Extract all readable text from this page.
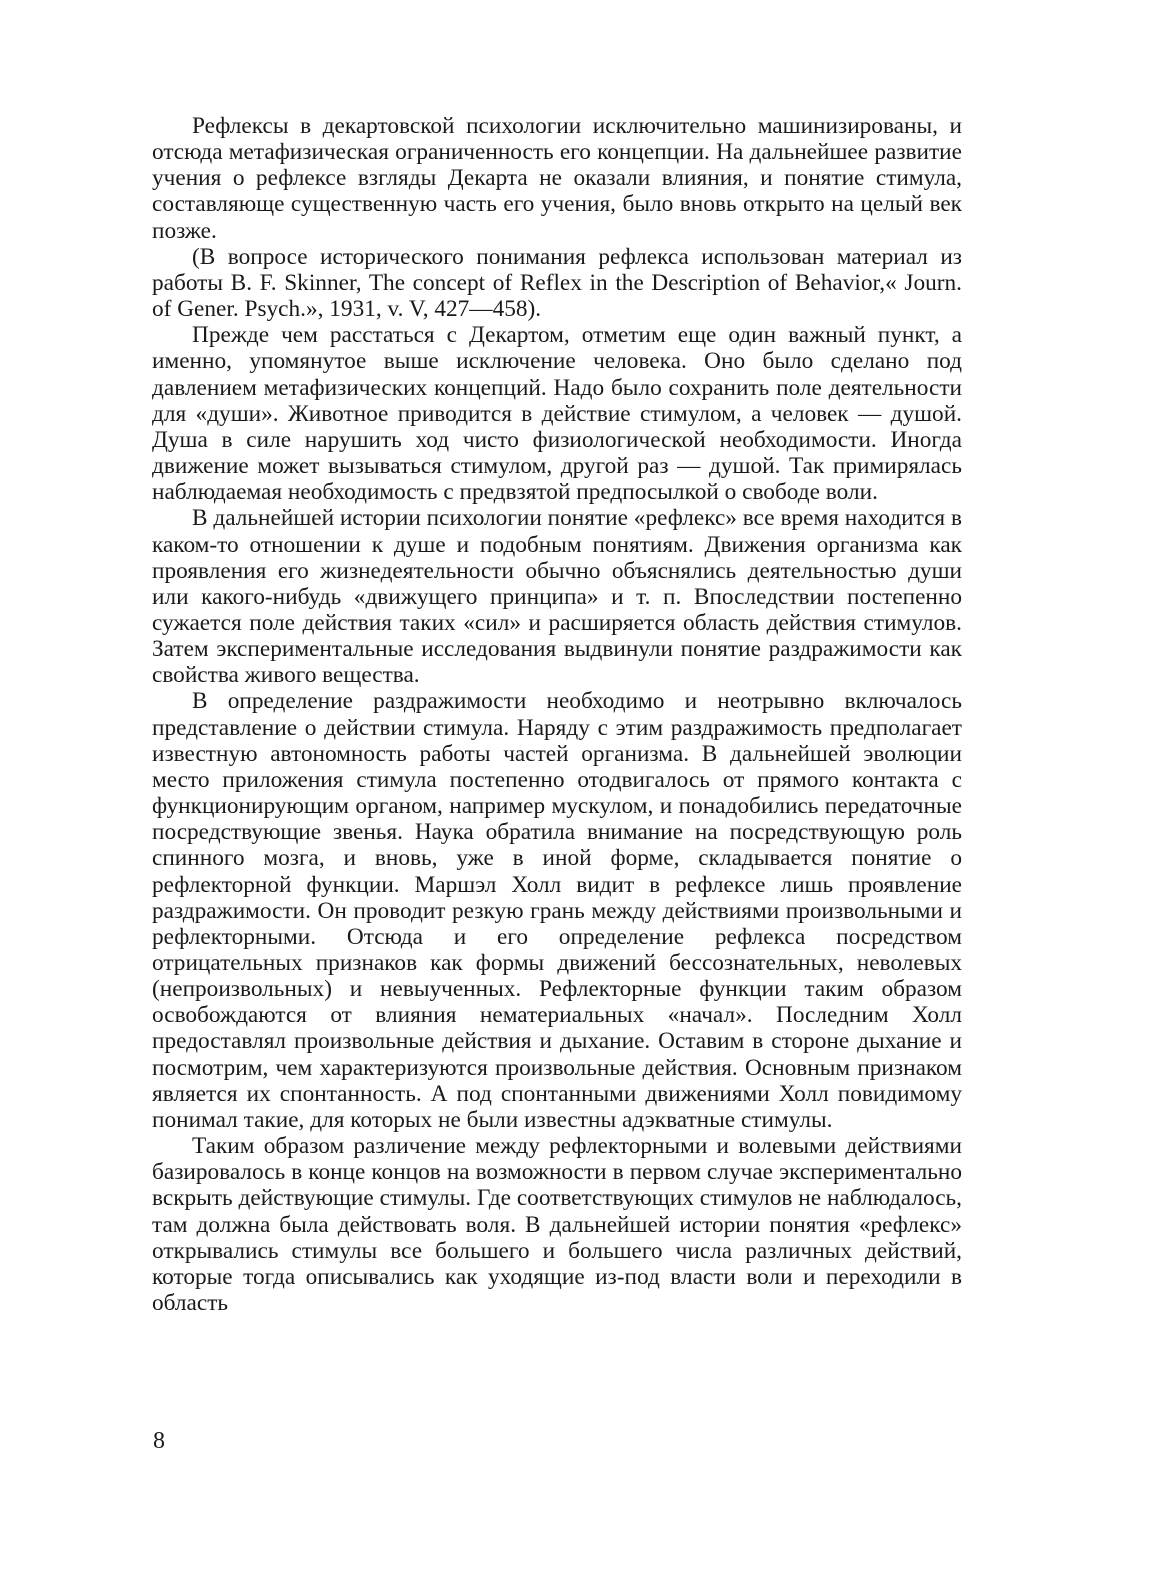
Рефлексы в декартовской психологии исключительно машинизированы, и отсюда метафизическая ограниченность его концепции. На дальнейшее развитие учения о рефлексе взгляды Декарта не оказали влияния, и понятие стимула, составляюще существенную часть его учения, было вновь открыто на целый век позже.

(В вопросе исторического понимания рефлекса использован материал из работы B. F. Skinner, The concept of Reflex in the Description of Behavior,« Journ. of Gener. Psych.», 1931, v. V, 427—458).

Прежде чем расстаться с Декартом, отметим еще один важный пункт, а именно, упомянутое выше исключение человека. Оно было сделано под давлением метафизических концепций. Надо было сохранить поле деятельности для «души». Животное приводится в действие стимулом, а человек — душой. Душа в силе нарушить ход чисто физиологической необходимости. Иногда движение может вызываться стимулом, другой раз — душой. Так примирялась наблюдаемая необходимость с предвзятой предпосылкой о свободе воли.

В дальнейшей истории психологии понятие «рефлекс» все время находится в каком-то отношении к душе и подобным понятиям. Движения организма как проявления его жизнедеятельности обычно объяснялись деятельностью души или какого-нибудь «движущего принципа» и т. п. Впоследствии постепенно сужается поле действия таких «сил» и расширяется область действия стимулов. Затем экспериментальные исследования выдвинули понятие раздражимости как свойства живого вещества.

В определение раздражимости необходимо и неотрывно включалось представление о действии стимула. Наряду с этим раздражимость предполагает известную автономность работы частей организма. В дальнейшей эволюции место приложения стимула постепенно отодвигалось от прямого контакта с функционирующим органом, например мускулом, и понадобились передаточные посредствующие звенья. Наука обратила внимание на посредствующую роль спинного мозга, и вновь, уже в иной форме, складывается понятие о рефлекторной функции. Маршэл Холл видит в рефлексе лишь проявление раздражимости. Он проводит резкую грань между действиями произвольными и рефлекторными. Отсюда и его определение рефлекса посредством отрицательных признаков как формы движений бессознательных, неволевых (непроизвольных) и невыученных. Рефлекторные функции таким образом освобождаются от влияния нематериальных «начал». Последним Холл предоставлял произвольные действия и дыхание. Оставим в стороне дыхание и посмотрим, чем характеризуются произвольные действия. Основным признаком является их спонтанность. А под спонтанными движениями Холл повидимому понимал такие, для которых не были известны адэкватные стимулы.

Таким образом различение между рефлекторными и волевыми действиями базировалось в конце концов на возможности в первом случае экспериментально вскрыть действующие стимулы. Где соответствующих стимулов не наблюдалось, там должна была действовать воля. В дальнейшей истории понятия «рефлекс» открывались стимулы все большего и большего числа различных действий, которые тогда описывались как уходящие из-под власти воли и переходили в область

8
